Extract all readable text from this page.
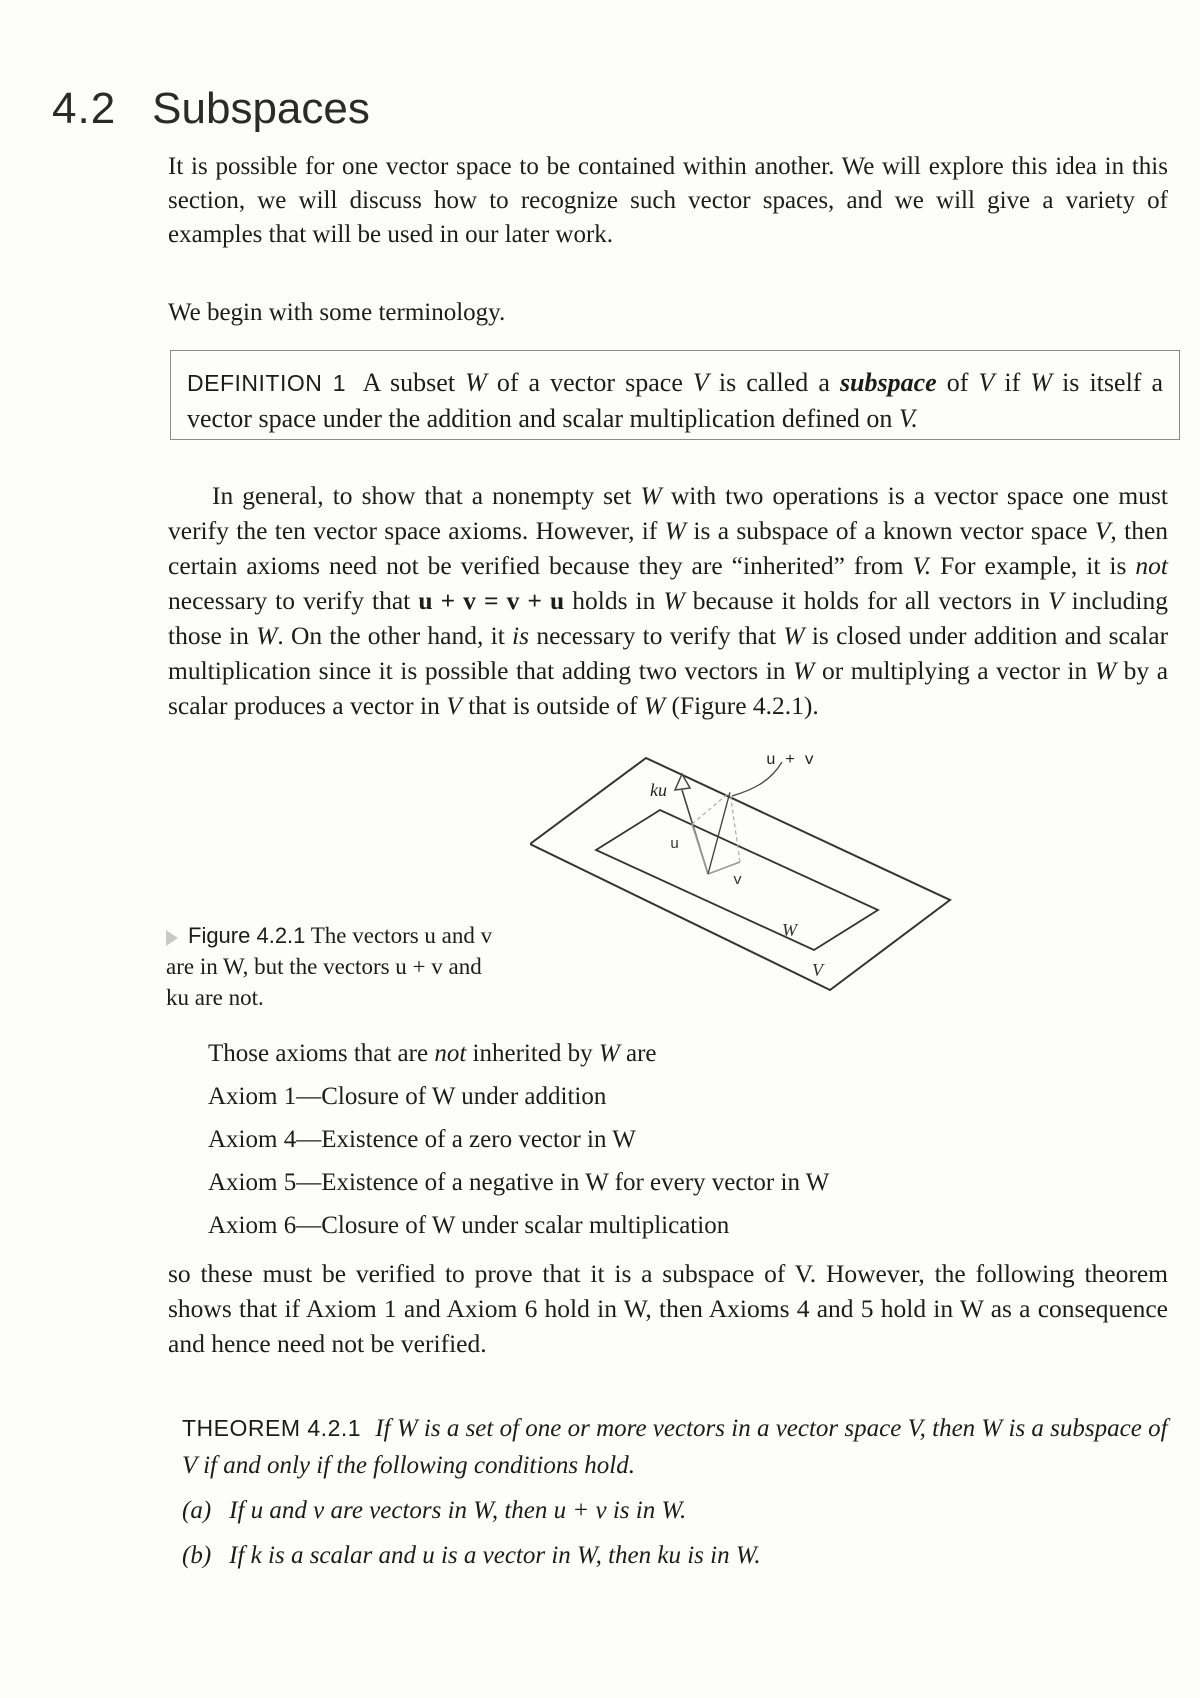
4.2 Subspaces

It is possible for one vector space to be contained within another. We will explore this idea in this section, we will discuss how to recognize such vector spaces, and we will give a variety of examples that will be used in our later work.

We begin with some terminology.

DEFINITION 1 A subset W of a vector space V is called a subspace of V if W is itself a vector space under the addition and scalar multiplication defined on V.

In general, to show that a nonempty set W with two operations is a vector space one must verify the ten vector space axioms. However, if W is a subspace of a known vector space V, then certain axioms need not be verified because they are “inherited” from V. For example, it is not necessary to verify that u + v = v + u holds in W because it holds for all vectors in V including those in W. On the other hand, it is necessary to verify that W is closed under addition and scalar multiplication since it is possible that adding two vectors in W or multiplying a vector in W by a scalar produces a vector in V that is outside of W (Figure 4.2.1).

u + v
ku
u
v
W
V
Figure 4.2.1 The vectors u and v are in W, but the vectors u + v and ku are not.
Those axioms that are not inherited by W are
Axiom 1—Closure of W under addition
Axiom 4—Existence of a zero vector in W
Axiom 5—Existence of a negative in W for every vector in W
Axiom 6—Closure of W under scalar multiplication

so these must be verified to prove that it is a subspace of V. However, the following theorem shows that if Axiom 1 and Axiom 6 hold in W, then Axioms 4 and 5 hold in W as a consequence and hence need not be verified.

THEOREM 4.2.1 If W is a set of one or more vectors in a vector space V, then W is a subspace of V if and only if the following conditions hold.
(a) If u and v are vectors in W, then u + v is in W.
(b) If k is a scalar and u is a vector in W, then ku is in W.
